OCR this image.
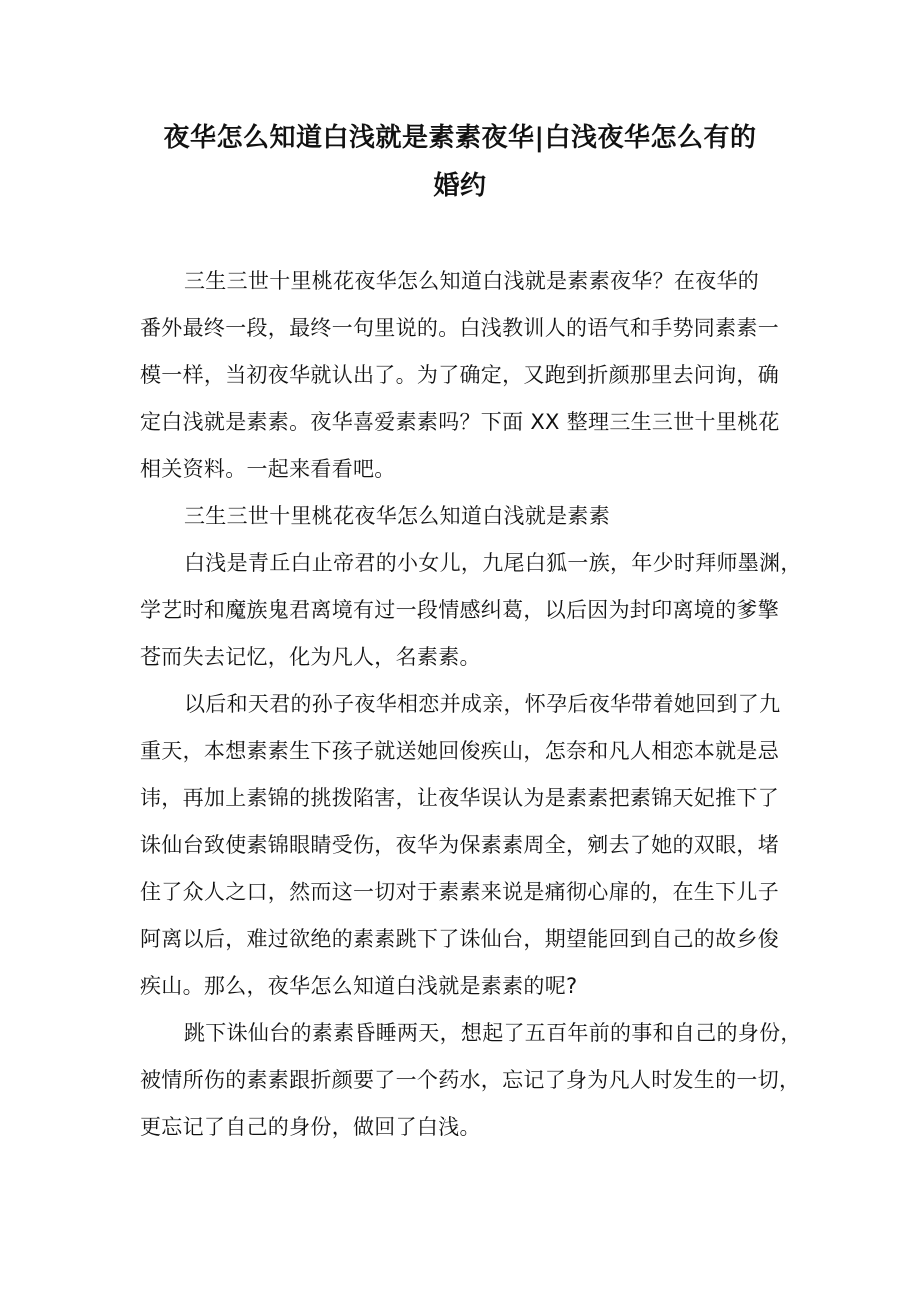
夜华怎么知道白浅就是素素夜华|白浅夜华怎么有的
婚约
三生三世十里桃花夜华怎么知道白浅就是素素夜华？在夜华的
番外最终一段，最终一句里说的。白浅教训人的语气和手势同素素一
模一样，当初夜华就认出了。为了确定，又跑到折颜那里去问询，确
定白浅就是素素。夜华喜爱素素吗？下面 XX 整理三生三世十里桃花
相关资料。一起来看看吧。
三生三世十里桃花夜华怎么知道白浅就是素素
白浅是青丘白止帝君的小女儿，九尾白狐一族，年少时拜师墨渊，
学艺时和魔族鬼君离境有过一段情感纠葛，以后因为封印离境的爹擎
苍而失去记忆，化为凡人，名素素。
以后和天君的孙子夜华相恋并成亲，怀孕后夜华带着她回到了九
重天，本想素素生下孩子就送她回俊疾山，怎奈和凡人相恋本就是忌
讳，再加上素锦的挑拨陷害，让夜华误认为是素素把素锦天妃推下了
诛仙台致使素锦眼睛受伤，夜华为保素素周全，剜去了她的双眼，堵
住了众人之口，然而这一切对于素素来说是痛彻心扉的，在生下儿子
阿离以后，难过欲绝的素素跳下了诛仙台，期望能回到自己的故乡俊
疾山。那么，夜华怎么知道白浅就是素素的呢?
跳下诛仙台的素素昏睡两天，想起了五百年前的事和自己的身份，
被情所伤的素素跟折颜要了一个药水，忘记了身为凡人时发生的一切，
更忘记了自己的身份，做回了白浅。
